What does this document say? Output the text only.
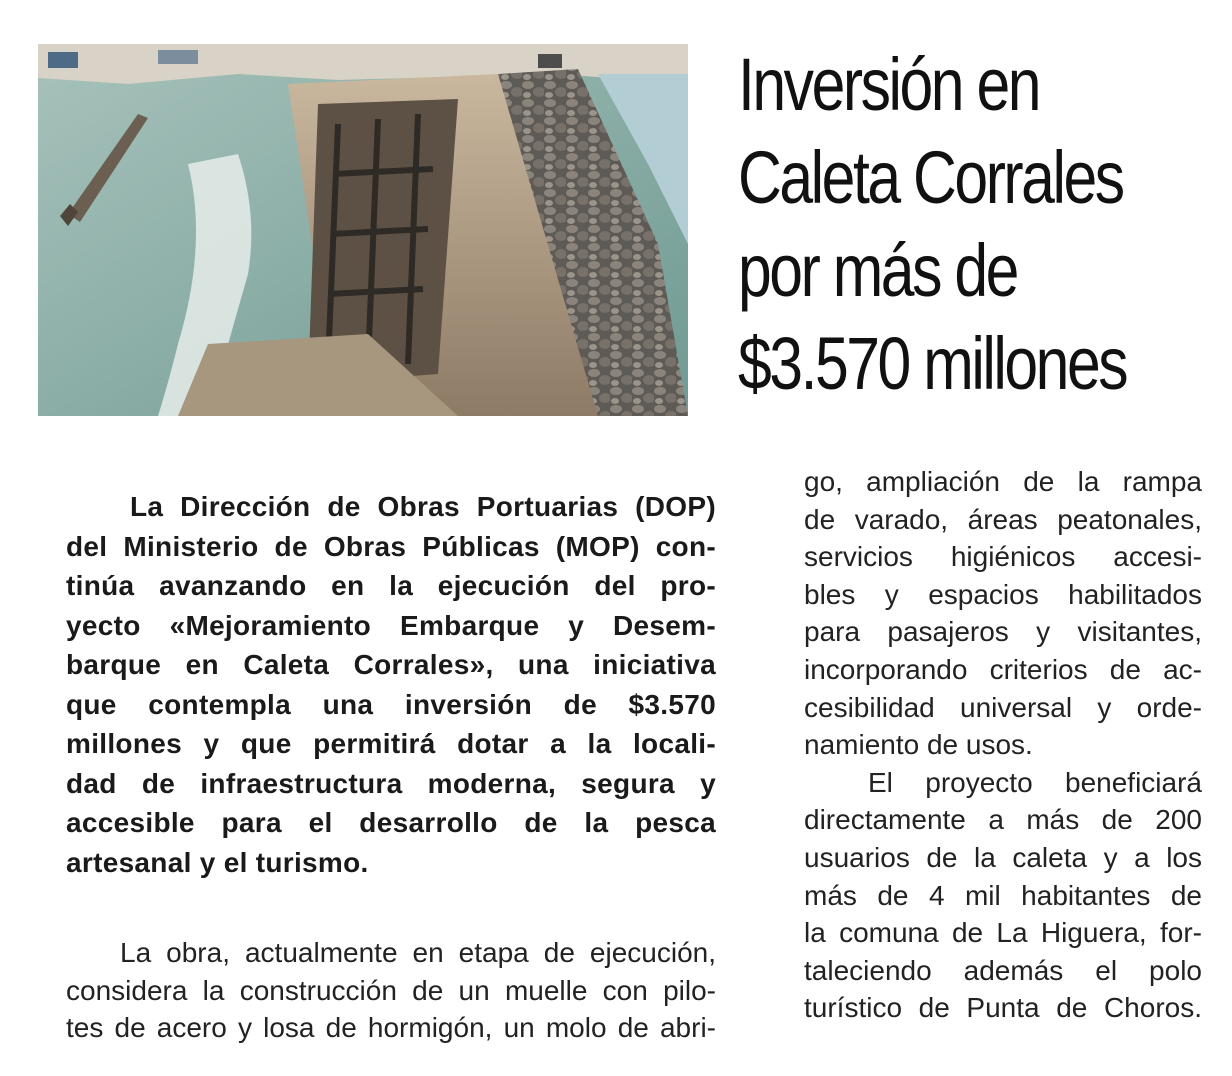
Inversión en
Caleta Corrales
por más de
$3.570 millones
La Dirección de Obras Portuarias (DOP)
del Ministerio de Obras Públicas (MOP) con-
tinúa avanzando en la ejecución del pro-
yecto «Mejoramiento Embarque y Desem-
barque en Caleta Corrales», una iniciativa
que contempla una inversión de $3.570
millones y que permitirá dotar a la locali-
dad de infraestructura moderna, segura y
accesible para el desarrollo de la pesca
artesanal y el turismo.
La obra, actualmente en etapa de ejecución,
considera la construcción de un muelle con pilo-
tes de acero y losa de hormigón, un molo de abri-
go, ampliación de la rampa
de varado, áreas peatonales,
servicios higiénicos accesi-
bles y espacios habilitados
para pasajeros y visitantes,
incorporando criterios de ac-
cesibilidad universal y orde-
namiento de usos.
El proyecto beneficiará
directamente a más de 200
usuarios de la caleta y a los
más de 4 mil habitantes de
la comuna de La Higuera, for-
taleciendo además el polo
turístico de Punta de Choros.
